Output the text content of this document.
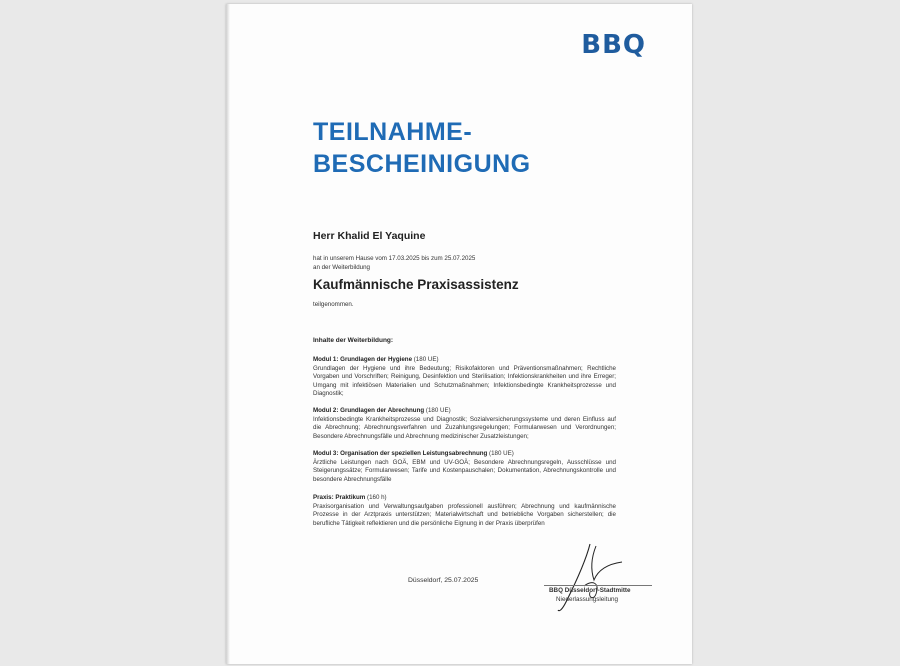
BBQ
TEILNAHME-
BESCHEINIGUNG
Herr Khalid El Yaquine
hat in unserem Hause vom 17.03.2025 bis zum 25.07.2025
an der Weiterbildung
Kaufmännische Praxisassistenz
teilgenommen.
Inhalte der Weiterbildung:
Modul 1: Grundlagen der Hygiene (180 UE)
Grundlagen der Hygiene und ihre Bedeutung; Risikofaktoren und Präventionsmaßnahmen; Rechtliche Vorgaben und Vorschriften; Reinigung, Desinfektion und Sterilisation; Infektionskrankheiten und ihre Erreger; Umgang mit infektiösen Materialien und Schutzmaßnahmen; Infektionsbedingte Krankheitsprozesse und Diagnostik;
Modul 2: Grundlagen der Abrechnung (180 UE)
Infektionsbedingte Krankheitsprozesse und Diagnostik; Sozialversicherungssysteme und deren Einfluss auf die Abrechnung; Abrechnungsverfahren und Zuzahlungsregelungen; Formularwesen und Verordnungen; Besondere Abrechnungsfälle und Abrechnung medizinischer Zusatzleistungen;
Modul 3: Organisation der speziellen Leistungsabrechnung (180 UE)
Ärztliche Leistungen nach GOÄ, EBM und UV-GOÄ; Besondere Abrechnungsregeln, Ausschlüsse und Steigerungssätze; Formularwesen; Tarife und Kostenpauschalen; Dokumentation, Abrechnungskontrolle und besondere Abrechnungsfälle
Praxis: Praktikum (160 h)
Praxisorganisation und Verwaltungsaufgaben professionell ausführen; Abrechnung und kaufmännische Prozesse in der Arztpraxis unterstützen; Materialwirtschaft und betriebliche Vorgaben sicherstellen; die berufliche Tätigkeit reflektieren und die persönliche Eignung in der Praxis überprüfen
Düsseldorf, 25.07.2025
BBQ Düsseldorf-Stadtmitte
Niederlassungsleitung
